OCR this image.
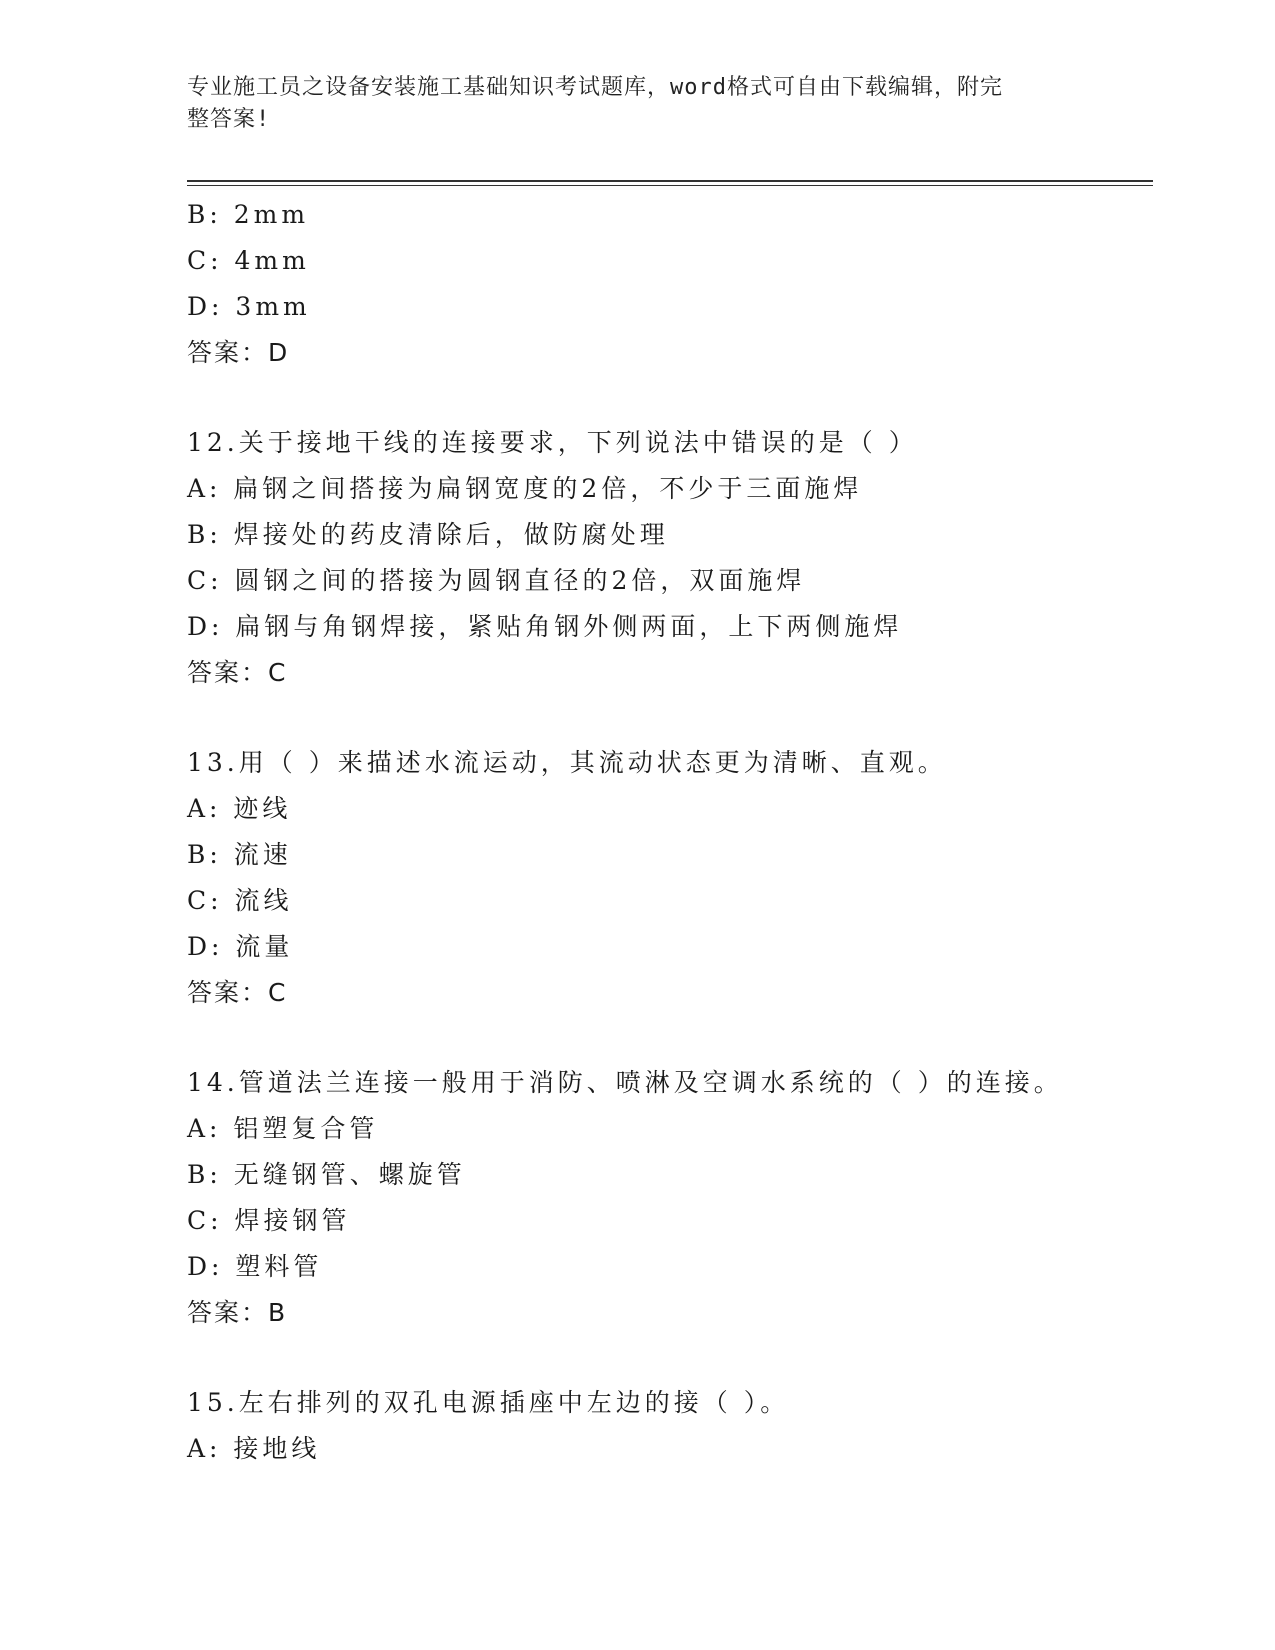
专业施工员之设备安装施工基础知识考试题库，word格式可自由下载编辑，附完
整答案!
B: 2mm
C: 4mm
D: 3mm
答案：D
12.关于接地干线的连接要求，下列说法中错误的是（ ）
A: 扁钢之间搭接为扁钢宽度的2倍，不少于三面施焊
B: 焊接处的药皮清除后，做防腐处理
C: 圆钢之间的搭接为圆钢直径的2倍，双面施焊
D: 扁钢与角钢焊接，紧贴角钢外侧两面，上下两侧施焊
答案：C
13.用（ ）来描述水流运动，其流动状态更为清晰、直观。
A: 迹线
B: 流速
C: 流线
D: 流量
答案：C
14.管道法兰连接一般用于消防、喷淋及空调水系统的（ ）的连接。
A: 铝塑复合管
B: 无缝钢管、螺旋管
C: 焊接钢管
D: 塑料管
答案：B
15.左右排列的双孔电源插座中左边的接（ ）。
A: 接地线
